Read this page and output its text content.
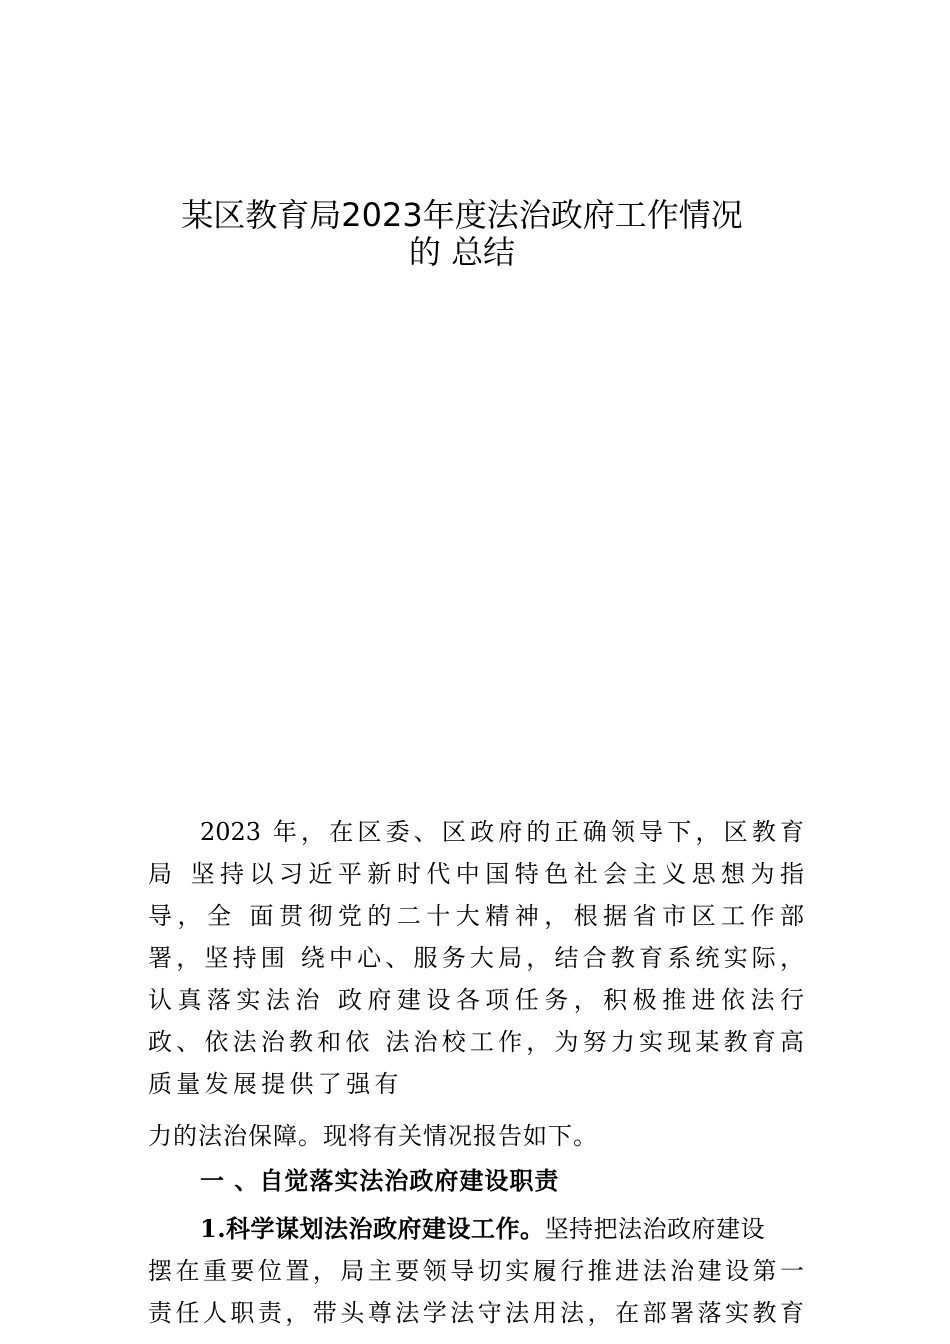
某区教育局2023年度法治政府工作情况
的 总结
2023 年，在区委、区政府的正确领导下，区教育
局 坚持以习近平新时代中国特色社会主义思想为指
导，全 面贯彻党的二十大精神，根据省市区工作部
署，坚持围 绕中心、服务大局，结合教育系统实际，
认真落实法治 政府建设各项任务，积极推进依法行
政、依法治教和依 法治校工作，为努力实现某教育高
质量发展提供了强有
力的法治保障。现将有关情况报告如下。
一 、自觉落实法治政府建设职责
1.科学谋划法治政府建设工作。坚持把法治政府建设
摆在重要位置，局主要领导切实履行推进法治建设第一
责任人职责，带头尊法学法守法用法，在部署落实教育
